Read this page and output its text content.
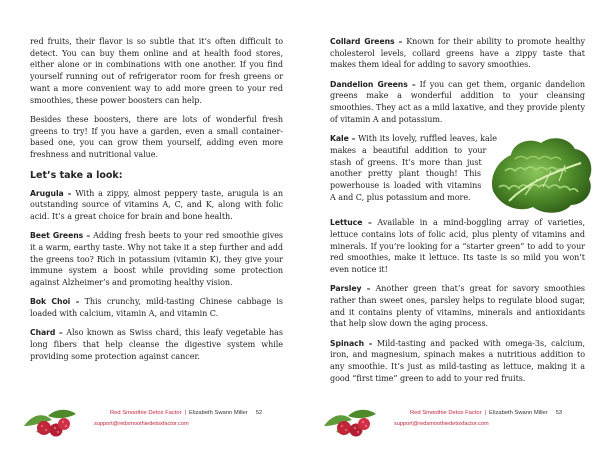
red fruits, their flavor is so subtle that it’s often difficult to detect. You can buy them online and at health food stores, either alone or in combinations with one another. If you find yourself running out of refrigerator room for fresh greens or want a more convenient way to add more green to your red smoothies, these power boosters can help.

Besides these boosters, there are lots of wonderful fresh greens to try! If you have a garden, even a small container-based one, you can grow them yourself, adding even more freshness and nutritional value.

Let’s take a look:

Arugula – With a zippy, almost peppery taste, arugula is an outstanding source of vitamins A, C, and K, along with folic acid. It’s a great choice for brain and bone health.

Beet Greens – Adding fresh beets to your red smoothie gives it a warm, earthy taste. Why not take it a step further and add the greens too? Rich in potassium (vitamin K), they give your immune system a boost while providing some protection against Alzheimer’s and promoting healthy vision.

Bok Choi – This crunchy, mild-tasting Chinese cabbage is loaded with calcium, vitamin A, and vitamin C.

Chard – Also known as Swiss chard, this leafy vegetable has long fibers that help cleanse the digestive system while providing some protection against cancer.

Red Smoothie Detox Factor | Elizabeth Swann Miller 52
support@redsmoothiedetoxfactor.com

Collard Greens – Known for their ability to promote healthy cholesterol levels, collard greens have a zippy taste that makes them ideal for adding to savory smoothies.

Dandelion Greens – If you can get them, organic dandelion greens make a wonderful addition to your cleansing smoothies. They act as a mild laxative, and they provide plenty of vitamin A and potassium.

Kale – With its lovely, ruffled leaves, kale makes a beautiful addition to your stash of greens. It’s more than just another pretty plant though! This powerhouse is loaded with vitamins A and C, plus potassium and more.

Lettuce – Available in a mind-boggling array of varieties, lettuce contains lots of folic acid, plus plenty of vitamins and minerals. If you’re looking for a “starter green” to add to your red smoothies, make it lettuce. Its taste is so mild you won’t even notice it!

Parsley – Another green that’s great for savory smoothies rather than sweet ones, parsley helps to regulate blood sugar, and it contains plenty of vitamins, minerals and antioxidants that help slow down the aging process.

Spinach – Mild-tasting and packed with omega-3s, calcium, iron, and magnesium, spinach makes a nutritious addition to any smoothie. It’s just as mild-tasting as lettuce, making it a good “first time” green to add to your red fruits.

Red Smoothie Detox Factor | Elizabeth Swann Miller 53
support@redsmoothiedetoxfactor.com
